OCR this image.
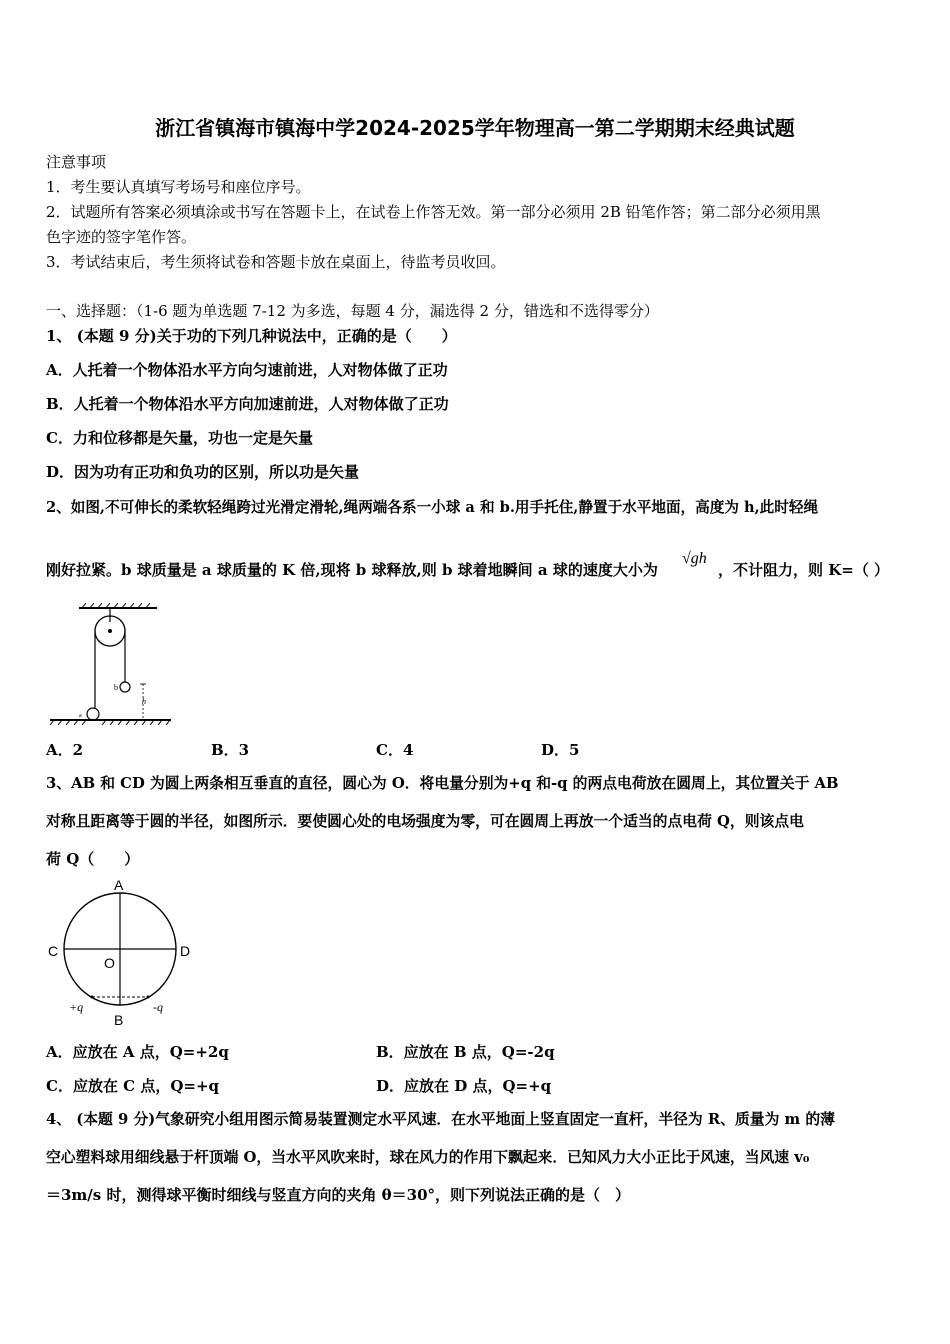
浙江省镇海市镇海中学2024-2025学年物理高一第二学期期末经典试题
注意事项
1．考生要认真填写考场号和座位序号。
2．试题所有答案必须填涂或书写在答题卡上，在试卷上作答无效。第一部分必须用 2B 铅笔作答；第二部分必须用黑
色字迹的签字笔作答。
3．考试结束后，考生须将试卷和答题卡放在桌面上，待监考员收回。
一、选择题：（1-6 题为单选题 7-12 为多选，每题 4 分，漏选得 2 分，错选和不选得零分）
1、 (本题 9 分)关于功的下列几种说法中，正确的是（　　）
A．人托着一个物体沿水平方向匀速前进，人对物体做了正功
B．人托着一个物体沿水平方向加速前进，人对物体做了正功
C．力和位移都是矢量，功也一定是矢量
D．因为功有正功和负功的区别，所以功是矢量
2、如图,不可伸长的柔软轻绳跨过光滑定滑轮,绳两端各系一小球 a 和 b.用手托住,静置于水平地面，高度为 h,此时轻绳
刚好拉紧。b 球质量是 a 球质量的 K 倍,现将 b 球释放,则 b 球着地瞬间 a 球的速度大小为
√gh
，不计阻力，则 K=（ ）
b
a
h
A．2	B．3	C．4	D．5
3、AB 和 CD 为圆上两条相互垂直的直径，圆心为 O．将电量分别为+q 和-q 的两点电荷放在圆周上，其位置关于 AB
对称且距离等于圆的半径，如图所示．要使圆心处的电场强度为零，可在圆周上再放一个适当的点电荷 Q，则该点电
荷 Q（　　）
A
B
C	D
O
+q	-q
A．应放在 A 点，Q=+2q	B．应放在 B 点，Q=-2q
C．应放在 C 点，Q=+q	D．应放在 D 点，Q=+q
4、 (本题 9 分)气象研究小组用图示简易装置测定水平风速．在水平地面上竖直固定一直杆，半径为 R、质量为 m 的薄
空心塑料球用细线悬于杆顶端 O，当水平风吹来时，球在风力的作用下飘起来．已知风力大小正比于风速，当风速 v₀
＝3m/s 时，测得球平衡时细线与竖直方向的夹角 θ＝30°，则下列说法正确的是（　）
